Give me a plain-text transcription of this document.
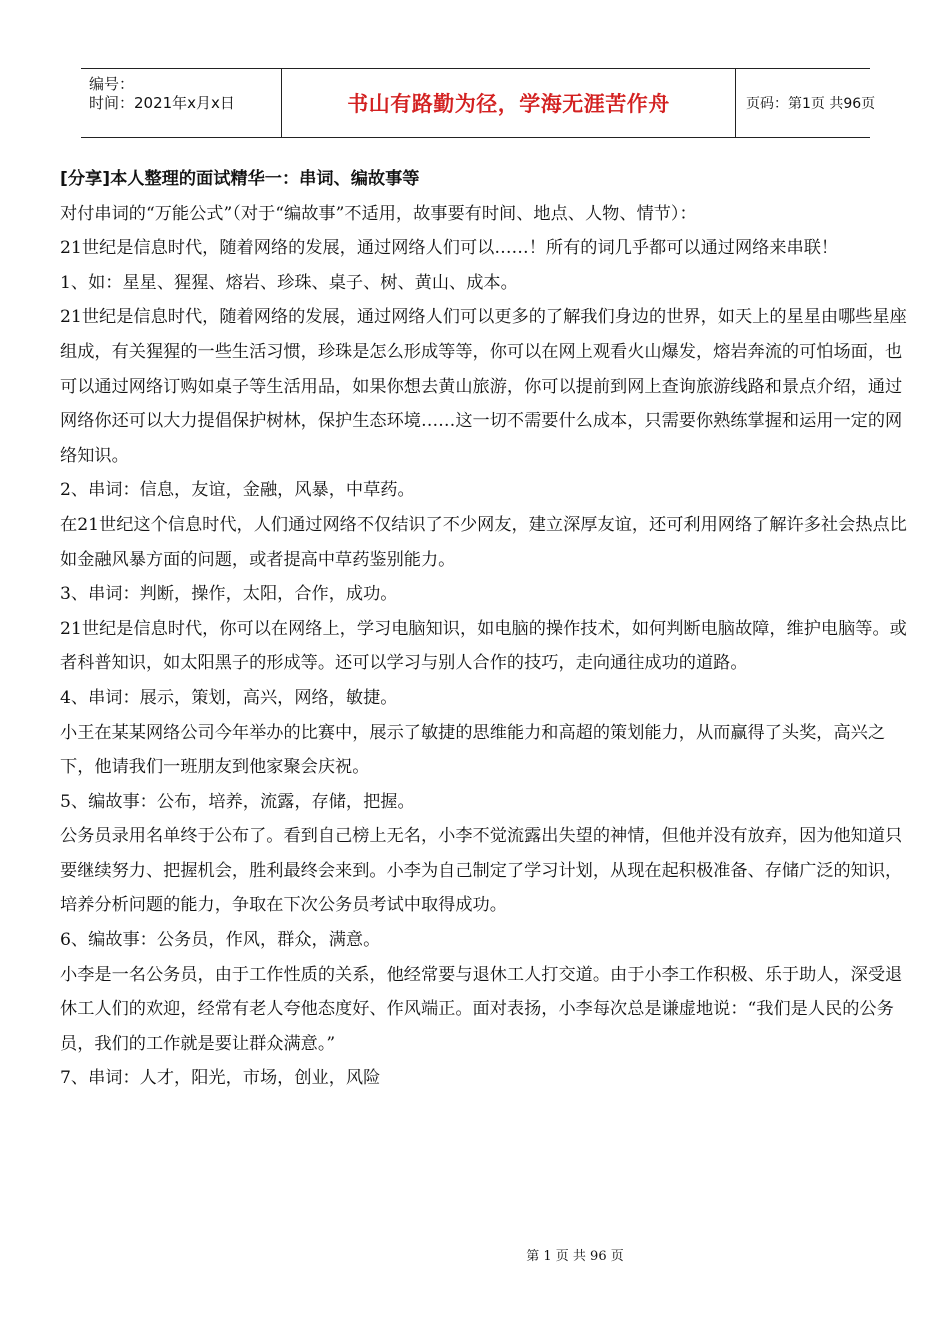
编号：
时间：2021年x月x日	书山有路勤为径，学海无涯苦作舟	页码：第1页 共96页

[分享]本人整理的面试精华一：串词、编故事等

对付串词的“万能公式”（对于“编故事”不适用，故事要有时间、地点、人物、情节）：

21世纪是信息时代，随着网络的发展，通过网络人们可以……！所有的词几乎都可以通过网络来串联！

1、如：星星、猩猩、熔岩、珍珠、桌子、树、黄山、成本。

21世纪是信息时代，随着网络的发展，通过网络人们可以更多的了解我们身边的世界，如天上的星星由哪些星座组成，有关猩猩的一些生活习惯，珍珠是怎么形成等等，你可以在网上观看火山爆发，熔岩奔流的可怕场面，也可以通过网络订购如桌子等生活用品，如果你想去黄山旅游，你可以提前到网上查询旅游线路和景点介绍，通过网络你还可以大力提倡保护树林，保护生态环境……这一切不需要什么成本，只需要你熟练掌握和运用一定的网络知识。

2、串词：信息，友谊，金融，风暴，中草药。

在21世纪这个信息时代，人们通过网络不仅结识了不少网友，建立深厚友谊，还可利用网络了解许多社会热点比如金融风暴方面的问题，或者提高中草药鉴别能力。

3、串词：判断，操作，太阳，合作，成功。

21世纪是信息时代，你可以在网络上，学习电脑知识，如电脑的操作技术，如何判断电脑故障，维护电脑等。或者科普知识，如太阳黑子的形成等。还可以学习与别人合作的技巧，走向通往成功的道路。

4、串词：展示，策划，高兴，网络，敏捷。

小王在某某网络公司今年举办的比赛中，展示了敏捷的思维能力和高超的策划能力，从而赢得了头奖，高兴之下，他请我们一班朋友到他家聚会庆祝。

5、编故事：公布，培养，流露，存储，把握。

公务员录用名单终于公布了。看到自己榜上无名，小李不觉流露出失望的神情，但他并没有放弃，因为他知道只要继续努力、把握机会，胜利最终会来到。小李为自己制定了学习计划，从现在起积极准备、存储广泛的知识，培养分析问题的能力，争取在下次公务员考试中取得成功。

6、编故事：公务员，作风，群众，满意。

小李是一名公务员，由于工作性质的关系，他经常要与退休工人打交道。由于小李工作积极、乐于助人，深受退休工人们的欢迎，经常有老人夸他态度好、作风端正。面对表扬，小李每次总是谦虚地说：“我们是人民的公务员，我们的工作就是要让群众满意。”

7、串词：人才，阳光，市场，创业，风险

第 1 页 共 96 页
